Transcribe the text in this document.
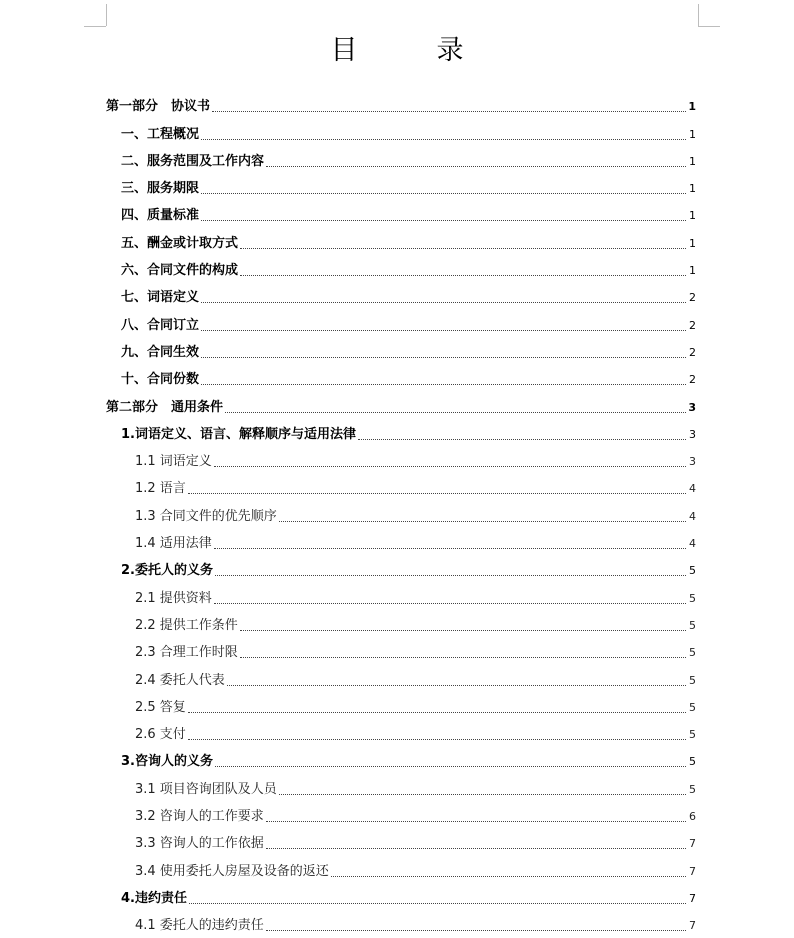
目　录
第一部分　协议书	1
一、工程概况	1
二、服务范围及工作内容	1
三、服务期限	1
四、质量标准	1
五、酬金或计取方式	1
六、合同文件的构成	1
七、词语定义	2
八、合同订立	2
九、合同生效	2
十、合同份数	2
第二部分　通用条件	3
1.词语定义、语言、解释顺序与适用法律	3
1.1 词语定义	3
1.2 语言	4
1.3 合同文件的优先顺序	4
1.4 适用法律	4
2.委托人的义务	5
2.1 提供资料	5
2.2 提供工作条件	5
2.3 合理工作时限	5
2.4 委托人代表	5
2.5 答复	5
2.6 支付	5
3.咨询人的义务	5
3.1 项目咨询团队及人员	5
3.2 咨询人的工作要求	6
3.3 咨询人的工作依据	7
3.4 使用委托人房屋及设备的返还	7
4.违约责任	7
4.1 委托人的违约责任	7
